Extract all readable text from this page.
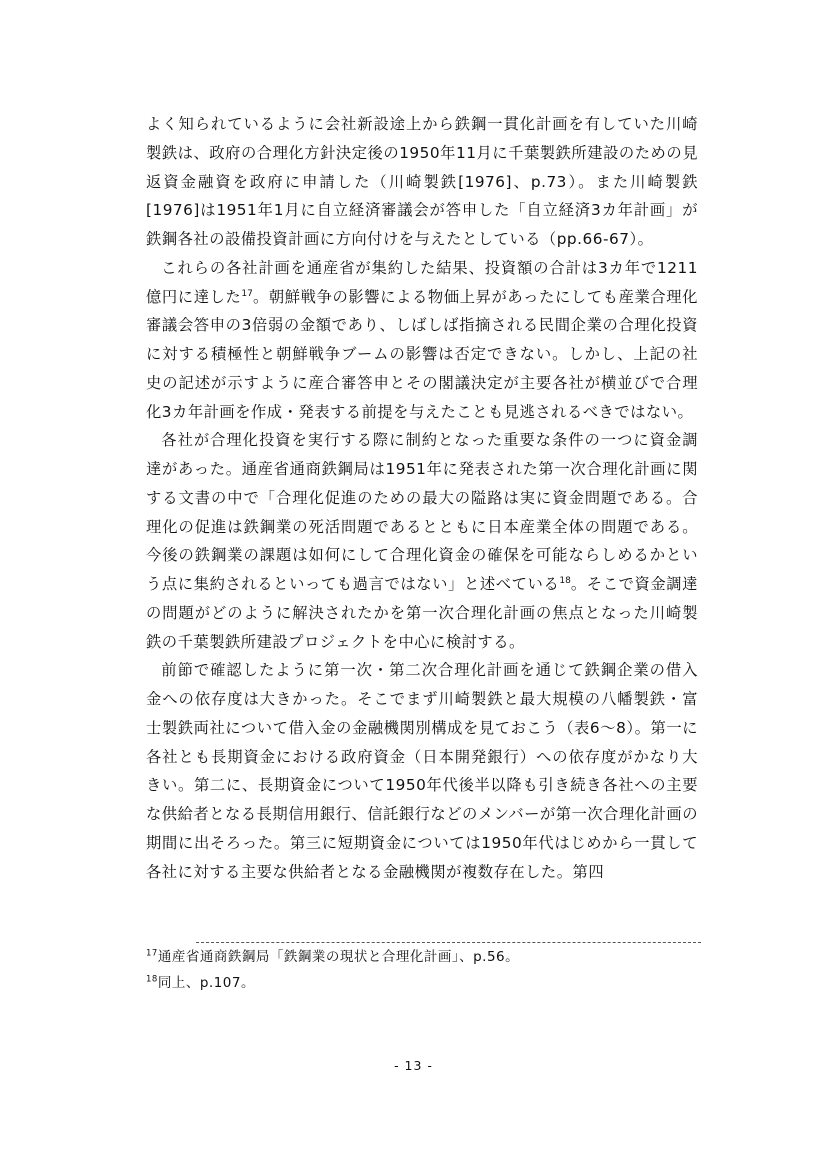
よく知られているように会社新設途上から鉄鋼一貫化計画を有していた川崎製鉄は、政府の合理化方針決定後の1950年11月に千葉製鉄所建設のための見返資金融資を政府に申請した（川崎製鉄[1976]、p.73）。また川崎製鉄[1976]は1951年1月に自立経済審議会が答申した「自立経済3カ年計画」が鉄鋼各社の設備投資計画に方向付けを与えたとしている（pp.66-67）。

これらの各社計画を通産省が集約した結果、投資額の合計は3カ年で1211億円に達した$^{17}$。朝鮮戦争の影響による物価上昇があったにしても産業合理化審議会答申の3倍弱の金額であり、しばしば指摘される民間企業の合理化投資に対する積極性と朝鮮戦争ブームの影響は否定できない。しかし、上記の社史の記述が示すように産合審答申とその閣議決定が主要各社が横並びで合理化3カ年計画を作成・発表する前提を与えたことも見逃されるべきではない。

各社が合理化投資を実行する際に制約となった重要な条件の一つに資金調達があった。通産省通商鉄鋼局は1951年に発表された第一次合理化計画に関する文書の中で「合理化促進のための最大の隘路は実に資金問題である。合理化の促進は鉄鋼業の死活問題であるとともに日本産業全体の問題である。今後の鉄鋼業の課題は如何にして合理化資金の確保を可能ならしめるかという点に集約されるといっても過言ではない」と述べている$^{18}$。そこで資金調達の問題がどのように解決されたかを第一次合理化計画の焦点となった川崎製鉄の千葉製鉄所建設プロジェクトを中心に検討する。

前節で確認したように第一次・第二次合理化計画を通じて鉄鋼企業の借入金への依存度は大きかった。そこでまず川崎製鉄と最大規模の八幡製鉄・富士製鉄両社について借入金の金融機関別構成を見ておこう（表6～8）。第一に各社とも長期資金における政府資金（日本開発銀行）への依存度がかなり大きい。第二に、長期資金について1950年代後半以降も引き続き各社への主要な供給者となる長期信用銀行、信託銀行などのメンバーが第一次合理化計画の期間に出そろった。第三に短期資金については1950年代はじめから一貫して各社に対する主要な供給者となる金融機関が複数存在した。第四

$^{17}$通産省通商鉄鋼局「鉄鋼業の現状と合理化計画」、p.56。

$^{18}$同上、p.107。

- 13 -
